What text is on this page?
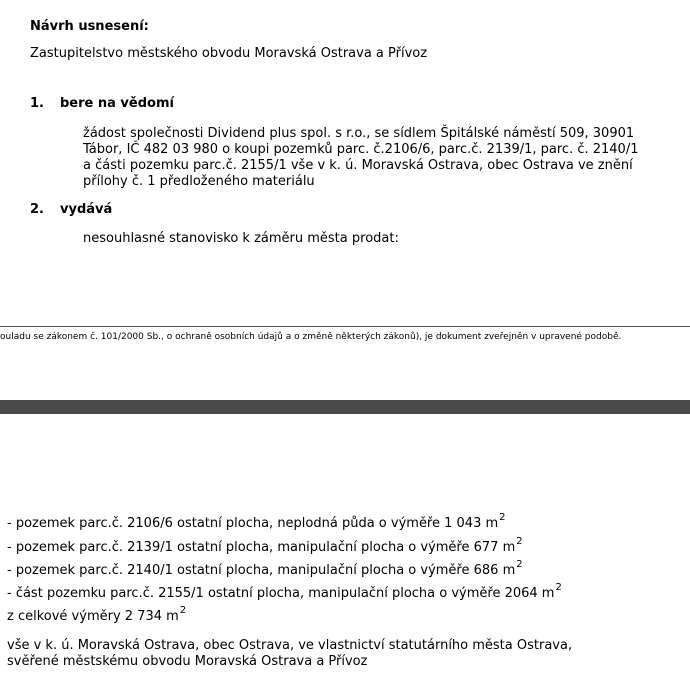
Návrh usnesení:
Zastupitelstvo městského obvodu Moravská Ostrava a Přívoz
1. bere na vědomí
žádost společnosti Dividend plus spol. s r.o., se sídlem Špitálské náměstí 509, 30901
Tábor, IČ 482 03 980 o koupi pozemků parc. č.2106/6, parc.č. 2139/1, parc. č. 2140/1
a části pozemku parc.č. 2155/1 vše v k. ú. Moravská Ostrava, obec Ostrava ve znění
přílohy č. 1 předloženého materiálu
2. vydává
nesouhlasné stanovisko k záměru města prodat:
ouladu se zákonem č. 101/2000 Sb., o ochraně osobních údajů a o změně některých zákonů), je dokument zveřejněn v upravené podobě.
- pozemek parc.č. 2106/6 ostatní plocha, neplodná půda o výměře 1 043 $m^2$
- pozemek parc.č. 2139/1 ostatní plocha, manipulační plocha o výměře 677 $m^2$
- pozemek parc.č. 2140/1 ostatní plocha, manipulační plocha o výměře 686 $m^2$
- část pozemku parc.č. 2155/1 ostatní plocha, manipulační plocha o výměře 2064 $m^2$
z celkové výměry 2 734 $m^2$
vše v k. ú. Moravská Ostrava, obec Ostrava, ve vlastnictví statutárního města Ostrava,
svěřené městskému obvodu Moravská Ostrava a Přívoz
